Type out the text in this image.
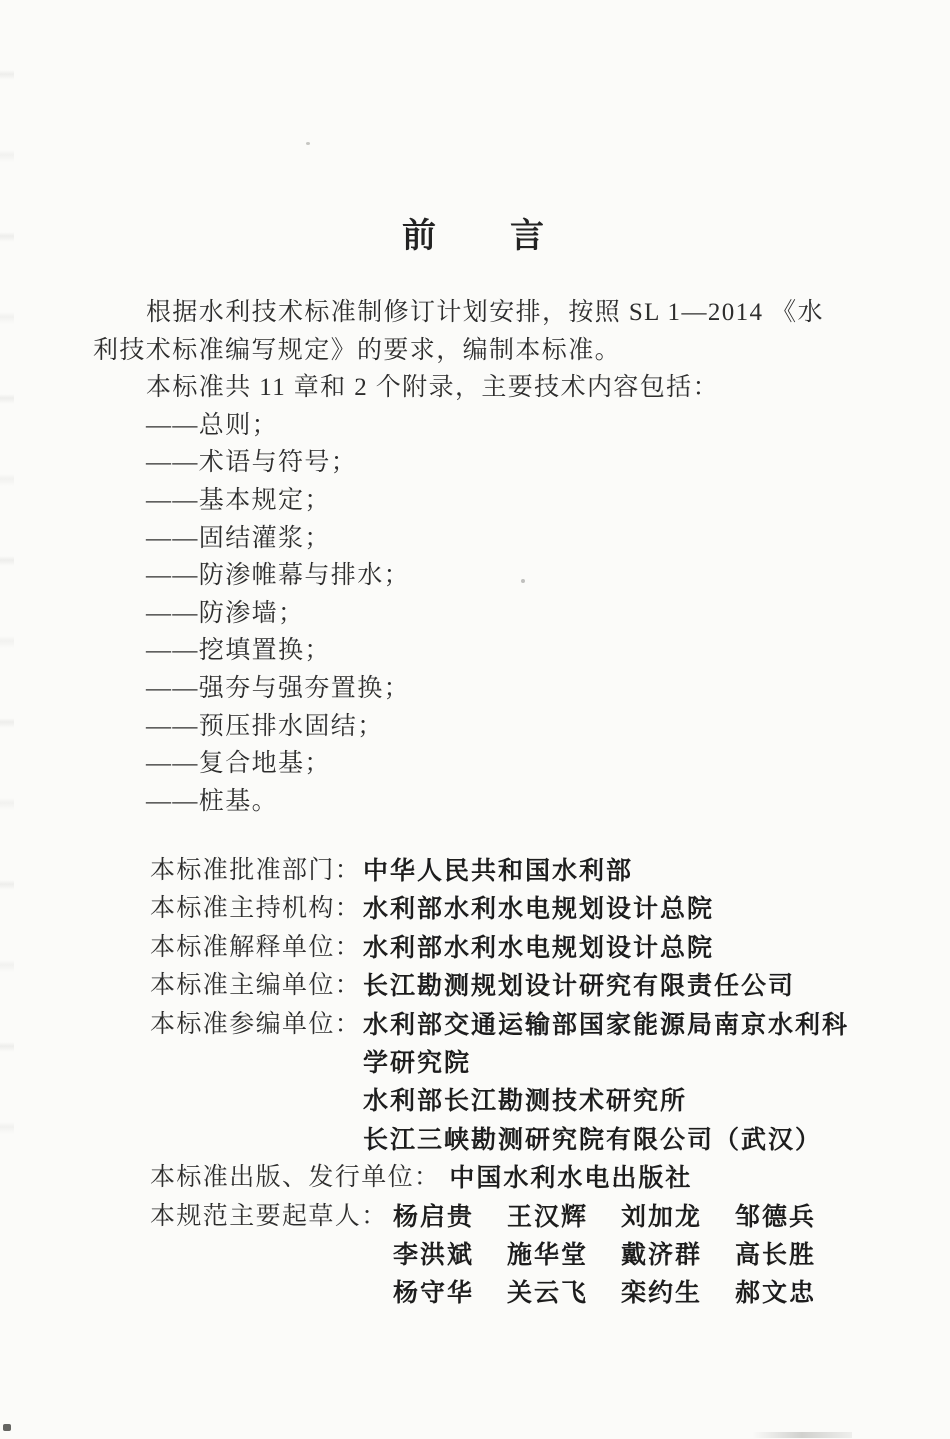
前　　言
根据水利技术标准制修订计划安排，按照 SL 1—2014 《水
利技术标准编写规定》的要求，编制本标准。
本标准共 11 章和 2 个附录，主要技术内容包括：
——总则；
——术语与符号；
——基本规定；
——固结灌浆；
——防渗帷幕与排水；
——防渗墙；
——挖填置换；
——强夯与强夯置换；
——预压排水固结；
——复合地基；
——桩基。
本标准批准部门： 中华人民共和国水利部
本标准主持机构： 水利部水利水电规划设计总院
本标准解释单位： 水利部水利水电规划设计总院
本标准主编单位： 长江勘测规划设计研究有限责任公司
本标准参编单位： 水利部交通运输部国家能源局南京水利科
学研究院
水利部长江勘测技术研究所
长江三峡勘测研究院有限公司（武汉）
本标准出版、发行单位： 中国水利水电出版社
本规范主要起草人： 杨启贵 王汉辉 刘加龙 邹德兵
李洪斌 施华堂 戴济群 高长胜
杨守华 关云飞 栾约生 郝文忠
